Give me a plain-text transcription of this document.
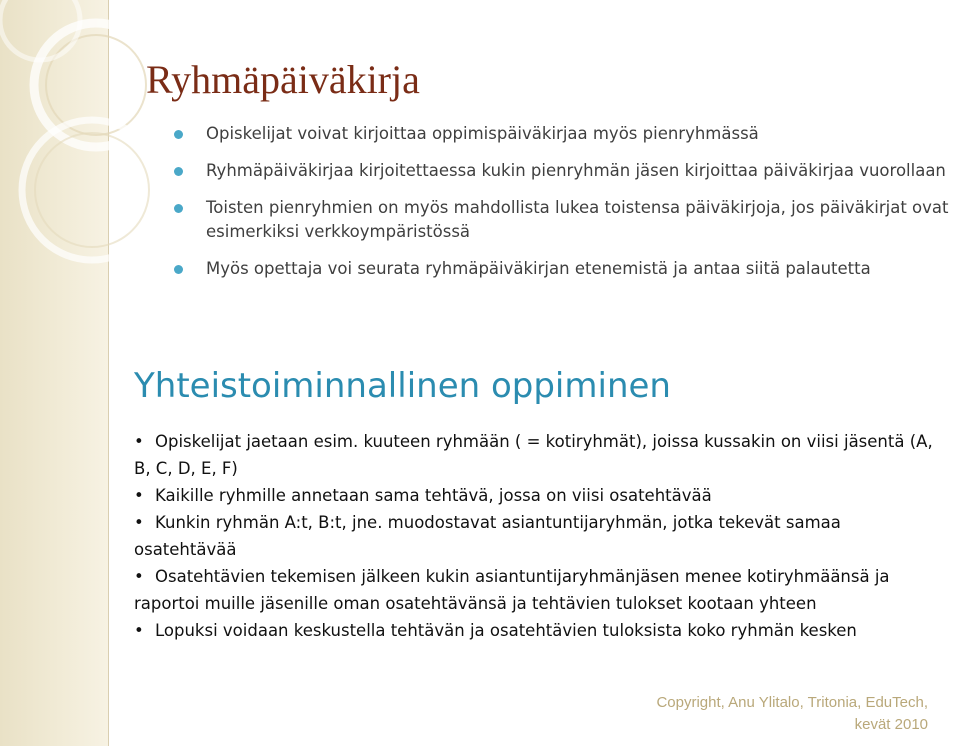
Ryhmäpäiväkirja
Opiskelijat voivat kirjoittaa oppimispäiväkirjaa myös pienryhmässä
Ryhmäpäiväkirjaa kirjoitettaessa kukin pienryhmän jäsen kirjoittaa päiväkirjaa vuorollaan
Toisten pienryhmien on myös mahdollista lukea toistensa päiväkirjoja, jos päiväkirjat ovat esimerkiksi verkkoympäristössä
Myös opettaja voi seurata ryhmäpäiväkirjan etenemistä ja antaa siitä palautetta
Yhteistoiminnallinen oppiminen
• Opiskelijat jaetaan esim. kuuteen ryhmään ( = kotiryhmät), joissa kussakin on viisi jäsentä (A, B, C, D, E, F)
• Kaikille ryhmille annetaan sama tehtävä, jossa on viisi osatehtävää
• Kunkin ryhmän A:t, B:t, jne. muodostavat asiantuntijaryhmän, jotka tekevät samaa osatehtävää
• Osatehtävien tekemisen jälkeen kukin asiantuntijaryhmänjäsen menee kotiryhmäänsä ja raportoi muille jäsenille oman osatehtävänsä ja tehtävien tulokset kootaan yhteen
• Lopuksi voidaan keskustella tehtävän ja osatehtävien tuloksista koko ryhmän kesken
Copyright, Anu Ylitalo, Tritonia, EduTech,
kevät 2010
